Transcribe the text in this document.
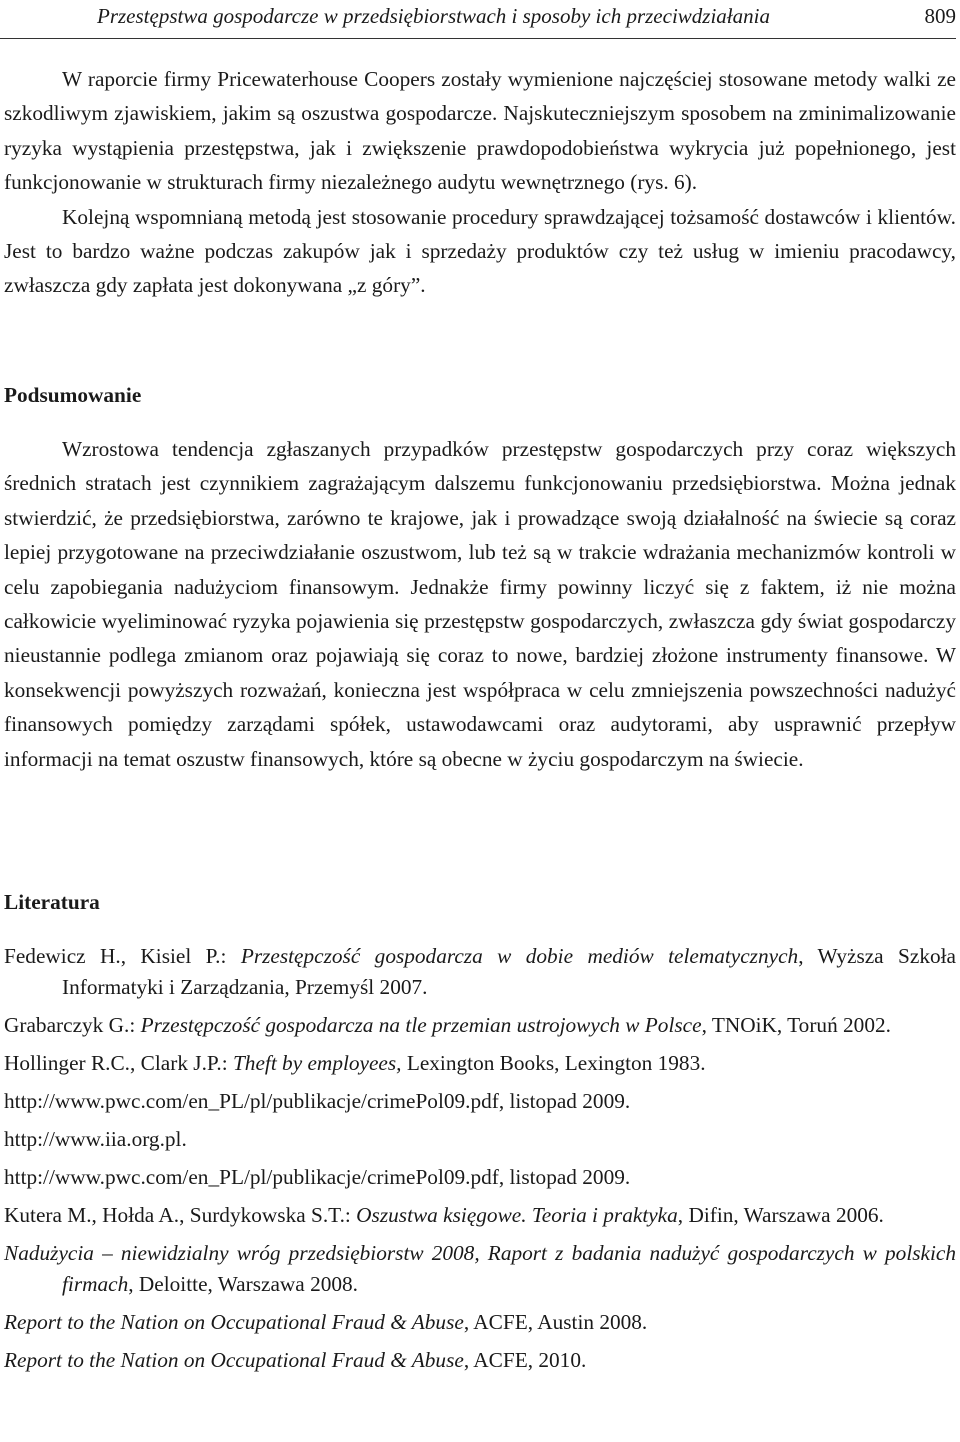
Przestępstwa gospodarcze w przedsiębiorstwach i sposoby ich przeciwdziałania	809

W raporcie firmy Pricewaterhouse Coopers zostały wymienione najczęściej stosowane metody walki ze szkodliwym zjawiskiem, jakim są oszustwa gospodarcze. Najskuteczniejszym sposobem na zminimalizowanie ryzyka wystąpienia przestępstwa, jak i zwiększenie prawdopodobieństwa wykrycia już popełnionego, jest funkcjonowanie w strukturach firmy niezależnego audytu wewnętrznego (rys. 6).

Kolejną wspomnianą metodą jest stosowanie procedury sprawdzającej tożsamość dostawców i klientów. Jest to bardzo ważne podczas zakupów jak i sprzedaży produktów czy też usług w imieniu pracodawcy, zwłaszcza gdy zapłata jest dokonywana „z góry”.

Podsumowanie

Wzrostowa tendencja zgłaszanych przypadków przestępstw gospodarczych przy coraz większych średnich stratach jest czynnikiem zagrażającym dalszemu funkcjonowaniu przedsiębiorstwa. Można jednak stwierdzić, że przedsiębiorstwa, zarówno te krajowe, jak i prowadzące swoją działalność na świecie są coraz lepiej przygotowane na przeciwdziałanie oszustwom, lub też są w trakcie wdrażania mechanizmów kontroli w celu zapobiegania nadużyciom finansowym. Jednakże firmy powinny liczyć się z faktem, iż nie można całkowicie wyeliminować ryzyka pojawienia się przestępstw gospodarczych, zwłaszcza gdy świat gospodarczy nieustannie podlega zmianom oraz pojawiają się coraz to nowe, bardziej złożone instrumenty finansowe. W konsekwencji powyższych rozważań, konieczna jest współpraca w celu zmniejszenia powszechności nadużyć finansowych pomiędzy zarządami spółek, ustawodawcami oraz audytorami, aby usprawnić przepływ informacji na temat oszustw finansowych, które są obecne w życiu gospodarczym na świecie.

Literatura

Fedewicz H., Kisiel P.: Przestępczość gospodarcza w dobie mediów telematycznych, Wyższa Szkoła Informatyki i Zarządzania, Przemyśl 2007.

Grabarczyk G.: Przestępczość gospodarcza na tle przemian ustrojowych w Polsce, TNOiK, Toruń 2002.

Hollinger R.C., Clark J.P.: Theft by employees, Lexington Books, Lexington 1983.

http://www.pwc.com/en_PL/pl/publikacje/crimePol09.pdf, listopad 2009.

http://www.iia.org.pl.

http://www.pwc.com/en_PL/pl/publikacje/crimePol09.pdf, listopad 2009.

Kutera M., Hołda A., Surdykowska S.T.: Oszustwa księgowe. Teoria i praktyka, Difin, Warszawa 2006.

Nadużycia – niewidzialny wróg przedsiębiorstw 2008, Raport z badania nadużyć gospodarczych w polskich firmach, Deloitte, Warszawa 2008.

Report to the Nation on Occupational Fraud & Abuse, ACFE, Austin 2008.

Report to the Nation on Occupational Fraud & Abuse, ACFE, 2010.
